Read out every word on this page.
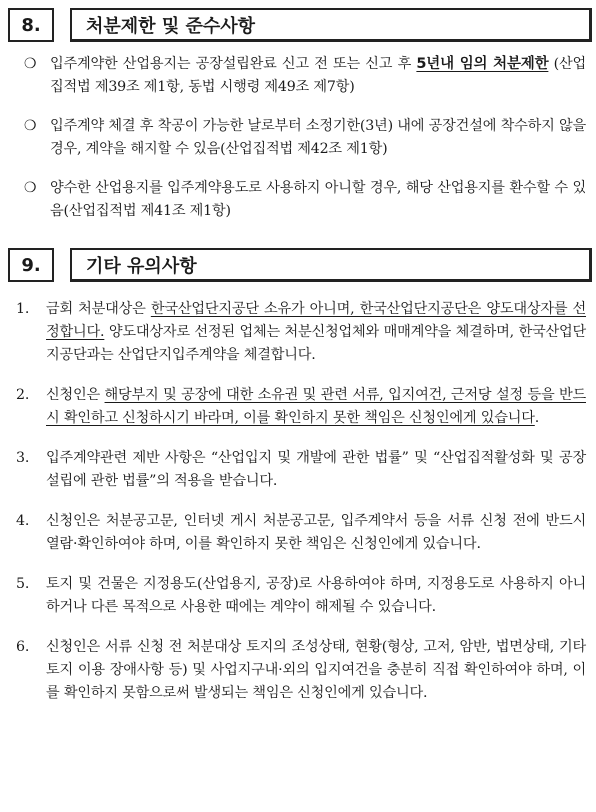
8.	처분제한 및 준수사항
❍ 입주계약한 산업용지는 공장설립완료 신고 전 또는 신고 후 5년내 임의 처분제한 (산업집적법 제39조 제1항, 동법 시행령 제49조 제7항)
❍ 입주계약 체결 후 착공이 가능한 날로부터 소정기한(3년) 내에 공장건설에 착수하지 않을 경우, 계약을 해지할 수 있음(산업집적법 제42조 제1항)
❍ 양수한 산업용지를 입주계약용도로 사용하지 아니할 경우, 해당 산업용지를 환수할 수 있음(산업집적법 제41조 제1항)
9.	기타 유의사항
1. 금회 처분대상은 한국산업단지공단 소유가 아니며, 한국산업단지공단은 양도대상자를 선정합니다. 양도대상자로 선정된 업체는 처분신청업체와 매매계약을 체결하며, 한국산업단지공단과는 산업단지입주계약을 체결합니다.
2. 신청인은 해당부지 및 공장에 대한 소유권 및 관련 서류, 입지여건, 근저당 설정 등을 반드시 확인하고 신청하시기 바라며, 이를 확인하지 못한 책임은 신청인에게 있습니다.
3. 입주계약관련 제반 사항은 “산업입지 및 개발에 관한 법률” 및 “산업집적활성화 및 공장설립에 관한 법률”의 적용을 받습니다.
4. 신청인은 처분공고문, 인터넷 게시 처분공고문, 입주계약서 등을 서류 신청 전에 반드시 열람·확인하여야 하며, 이를 확인하지 못한 책임은 신청인에게 있습니다.
5. 토지 및 건물은 지정용도(산업용지, 공장)로 사용하여야 하며, 지정용도로 사용하지 아니하거나 다른 목적으로 사용한 때에는 계약이 해제될 수 있습니다.
6. 신청인은 서류 신청 전 처분대상 토지의 조성상태, 현황(형상, 고저, 암반, 법면상태, 기타 토지 이용 장애사항 등) 및 사업지구내·외의 입지여건을 충분히 직접 확인하여야 하며, 이를 확인하지 못함으로써 발생되는 책임은 신청인에게 있습니다.
